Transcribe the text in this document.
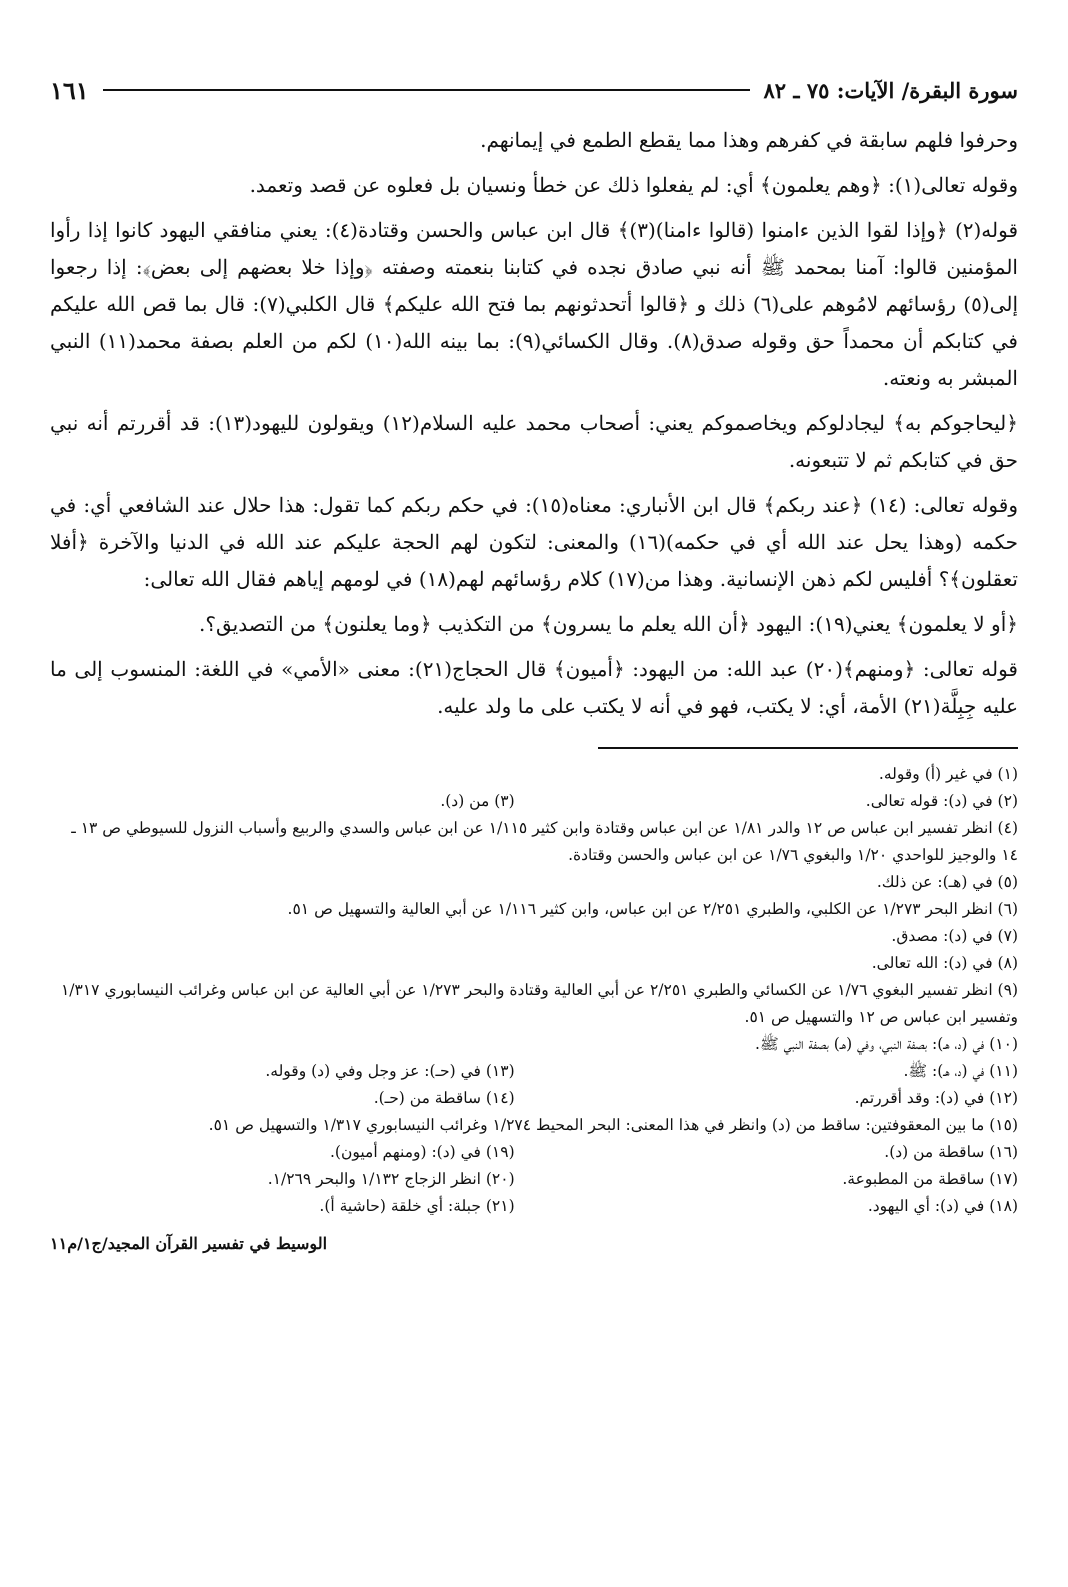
سورة البقرة/ الآيات: ٧٥ ـ ٨٢
١٦١

وحرفوا فلهم سابقة في كفرهم وهذا مما يقطع الطمع في إيمانهم.

وقوله تعالى(١): ﴿وهم يعلمون﴾ أي: لم يفعلوا ذلك عن خطأ ونسيان بل فعلوه عن قصد وتعمد.

قوله(٢) ﴿وإذا لقوا الذين ءامنوا (قالوا ءامنا)(٣)﴾ قال ابن عباس والحسن وقتادة(٤): يعني منافقي اليهود كانوا إذا رأوا المؤمنين قالوا: آمنا بمحمد ﷺ أنه نبي صادق نجده في كتابنا بنعمته وصفته ﴿وإذا خلا بعضهم إلى بعض﴾: إذا رجعوا إلى(٥) رؤسائهم لامُوهم على(٦) ذلك و ﴿قالوا أتحدثونهم بما فتح الله عليكم﴾ قال الكلبي(٧): قال بما قص الله عليكم في كتابكم أن محمداً حق وقوله صدق(٨). وقال الكسائي(٩): بما بينه الله(١٠) لكم من العلم بصفة محمد(١١) النبي المبشر به ونعته.

﴿ليحاجوكم به﴾ ليجادلوكم ويخاصموكم يعني: أصحاب محمد عليه السلام(١٢) ويقولون لليهود(١٣): قد أقررتم أنه نبي حق في كتابكم ثم لا تتبعونه.

وقوله تعالى: (١٤) ﴿عند ربكم﴾ قال ابن الأنباري: معناه(١٥): في حكم ربكم كما تقول: هذا حلال عند الشافعي أي: في حكمه (وهذا يحل عند الله أي في حكمه)(١٦) والمعنى: لتكون لهم الحجة عليكم عند الله في الدنيا والآخرة ﴿أفلا تعقلون﴾؟ أفليس لكم ذهن الإنسانية. وهذا من(١٧) كلام رؤسائهم لهم(١٨) في لومهم إياهم فقال الله تعالى:

﴿أو لا يعلمون﴾ يعني(١٩): اليهود ﴿أن الله يعلم ما يسرون﴾ من التكذيب ﴿وما يعلنون﴾ من التصديق؟.

قوله تعالى: ﴿ومنهم﴾(٢٠) عبد الله: من اليهود: ﴿أميون﴾ قال الحجاج(٢١): معنى «الأمي» في اللغة: المنسوب إلى ما عليه جِبِلَّة(٢١) الأمة، أي: لا يكتب، فهو في أنه لا يكتب على ما ولد عليه.

(١) في غير (أ) وقوله.

(٢) في (د): قوله تعالى.
(٣) من (د).

(٤) انظر تفسير ابن عباس ص ١٢ والدر ١/٨١ عن ابن عباس وقتادة وابن كثير ١/١١٥ عن ابن عباس والسدي والربيع وأسباب النزول للسيوطي ص ١٣ ـ ١٤ والوجيز للواحدي ١/٢٠ والبغوي ١/٧٦ عن ابن عباس والحسن وقتادة.

(٥) في (هـ): عن ذلك.

(٦) انظر البحر ١/٢٧٣ عن الكلبي، والطبري ٢/٢٥١ عن ابن عباس، وابن كثير ١/١١٦ عن أبي العالية والتسهيل ص ٥١.

(٧) في (د): مصدق.

(٨) في (د): الله تعالى.

(٩) انظر تفسير البغوي ١/٧٦ عن الكسائي والطبري ٢/٢٥١ عن أبي العالية وقتادة والبحر ١/٢٧٣ عن أبي العالية عن ابن عباس وغرائب النيسابوري ١/٣١٧ وتفسير ابن عباس ص ١٢ والتسهيل ص ٥١.

(١٠) في (د، هـ): بصفة النبي، وفي (هـ) بصفة النبي ﷺ.
(١١) في (د، هـ): ﷺ.
(١٢) في (د): وقد أقررتم.

(١٣) في (حـ): عز وجل وفي (د) وقوله.
(١٤) ساقطة من (حـ).

(١٥) ما بين المعقوفتين: ساقط من (د) وانظر في هذا المعنى: البحر المحيط ١/٢٧٤ وغرائب النيسابوري ١/٣١٧ والتسهيل ص ٥١.

(١٦) ساقطة من (د).
(١٧) ساقطة من المطبوعة.
(١٨) في (د): أي اليهود.
(١٩) في (د): (ومنهم أميون).
(٢٠) انظر الزجاج ١/١٣٢ والبحر ١/٢٦٩.
(٢١) جبلة: أي خلقة (حاشية أ).
الوسيط في تفسير القرآن المجيد/ج١/م١١
